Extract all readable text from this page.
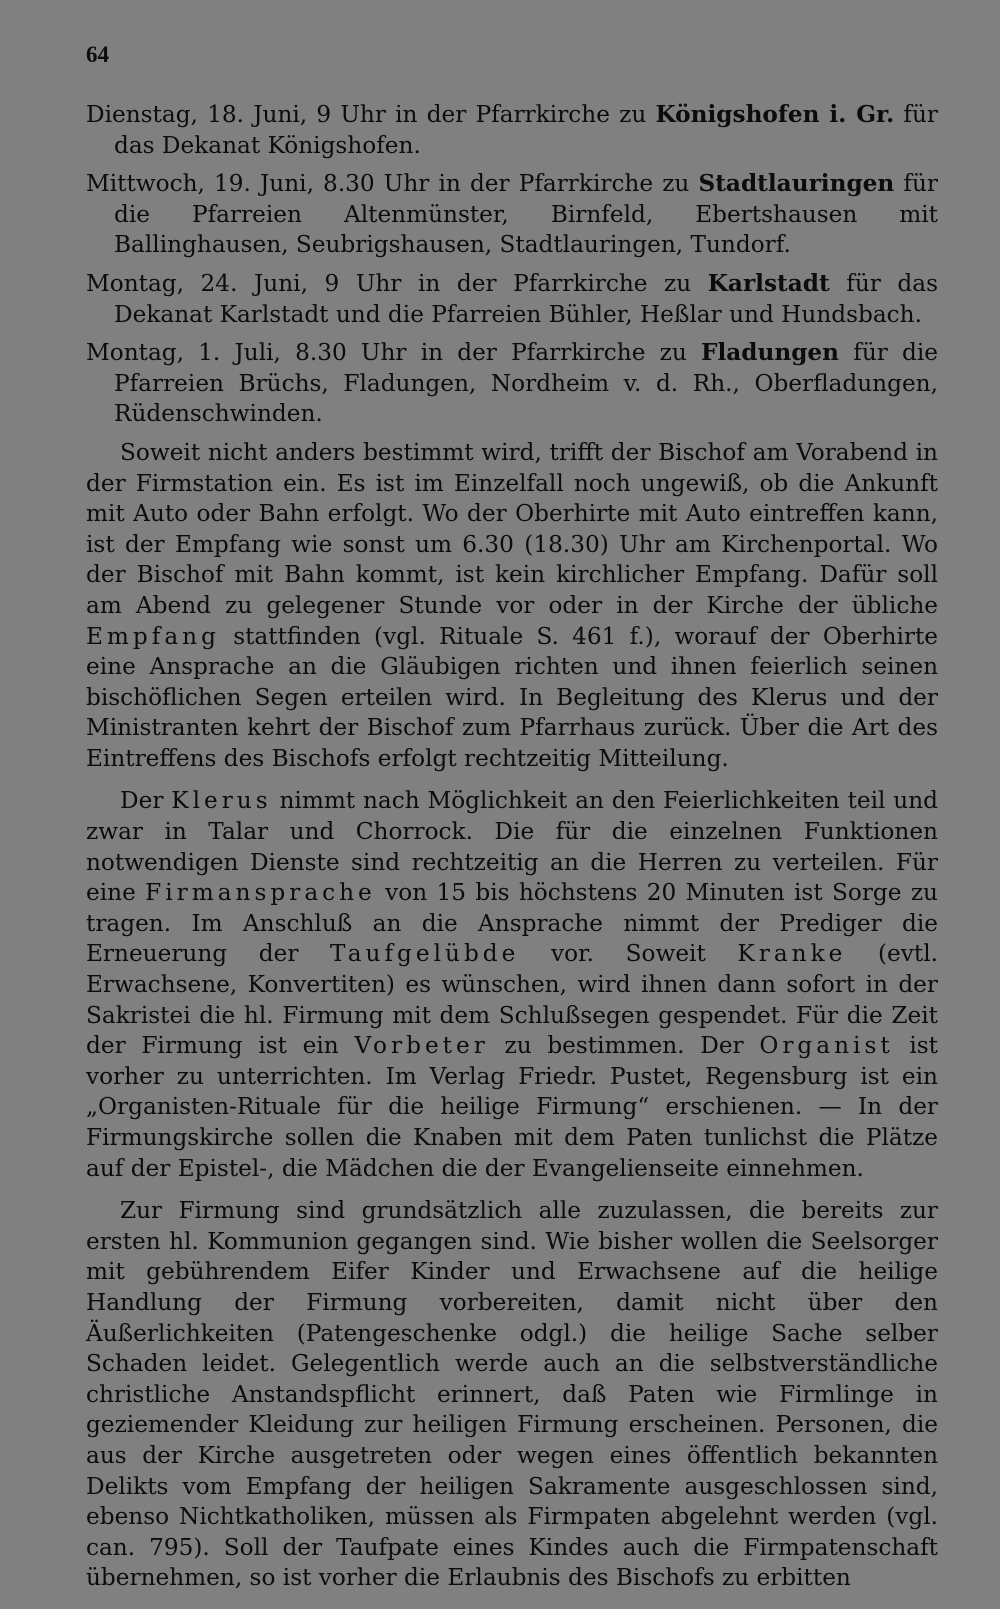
64

Dienstag, 18. Juni, 9 Uhr in der Pfarrkirche zu Königshofen i. Gr. für das Dekanat Königshofen.

Mittwoch, 19. Juni, 8.30 Uhr in der Pfarrkirche zu Stadtlauringen für die Pfarreien Altenmünster, Birnfeld, Ebertshausen mit Ballinghausen, Seubrigshausen, Stadtlauringen, Tundorf.

Montag, 24. Juni, 9 Uhr in der Pfarrkirche zu Karlstadt für das Dekanat Karlstadt und die Pfarreien Bühler, Heßlar und Hundsbach.

Montag, 1. Juli, 8.30 Uhr in der Pfarrkirche zu Fladungen für die Pfarreien Brüchs, Fladungen, Nordheim v. d. Rh., Oberfladungen, Rüdenschwinden.

Soweit nicht anders bestimmt wird, trifft der Bischof am Vorabend in der Firmstation ein. Es ist im Einzelfall noch ungewiß, ob die Ankunft mit Auto oder Bahn erfolgt. Wo der Oberhirte mit Auto eintreffen kann, ist der Empfang wie sonst um 6.30 (18.30) Uhr am Kirchenportal. Wo der Bischof mit Bahn kommt, ist kein kirchlicher Empfang. Dafür soll am Abend zu gelegener Stunde vor oder in der Kirche der übliche Empfang stattfinden (vgl. Rituale S. 461 f.), worauf der Oberhirte eine Ansprache an die Gläubigen richten und ihnen feierlich seinen bischöflichen Segen erteilen wird. In Begleitung des Klerus und der Ministranten kehrt der Bischof zum Pfarrhaus zurück. Über die Art des Eintreffens des Bischofs erfolgt rechtzeitig Mitteilung.

Der Klerus nimmt nach Möglichkeit an den Feierlichkeiten teil und zwar in Talar und Chorrock. Die für die einzelnen Funktionen notwendigen Dienste sind rechtzeitig an die Herren zu verteilen. Für eine Firmansprache von 15 bis höchstens 20 Minuten ist Sorge zu tragen. Im Anschluß an die Ansprache nimmt der Prediger die Erneuerung der Taufgelübde vor. Soweit Kranke (evtl. Erwachsene, Konvertiten) es wünschen, wird ihnen dann sofort in der Sakristei die hl. Firmung mit dem Schlußsegen gespendet. Für die Zeit der Firmung ist ein Vorbeter zu bestimmen. Der Organist ist vorher zu unterrichten. Im Verlag Friedr. Pustet, Regensburg ist ein „Organisten-Rituale für die heilige Firmung“ erschienen. — In der Firmungskirche sollen die Knaben mit dem Paten tunlichst die Plätze auf der Epistel-, die Mädchen die der Evangelienseite einnehmen.

Zur Firmung sind grundsätzlich alle zuzulassen, die bereits zur ersten hl. Kommunion gegangen sind. Wie bisher wollen die Seelsorger mit gebührendem Eifer Kinder und Erwachsene auf die heilige Handlung der Firmung vorbereiten, damit nicht über den Äußerlichkeiten (Patengeschenke odgl.) die heilige Sache selber Schaden leidet. Gelegentlich werde auch an die selbstverständliche christliche Anstandspflicht erinnert, daß Paten wie Firmlinge in geziemender Kleidung zur heiligen Firmung erscheinen. Personen, die aus der Kirche ausgetreten oder wegen eines öffentlich bekannten Delikts vom Empfang der heiligen Sakramente ausgeschlossen sind, ebenso Nichtkatholiken, müssen als Firmpaten abgelehnt werden (vgl. can. 795). Soll der Taufpate eines Kindes auch die Firmpatenschaft übernehmen, so ist vorher die Erlaubnis des Bischofs zu erbitten
